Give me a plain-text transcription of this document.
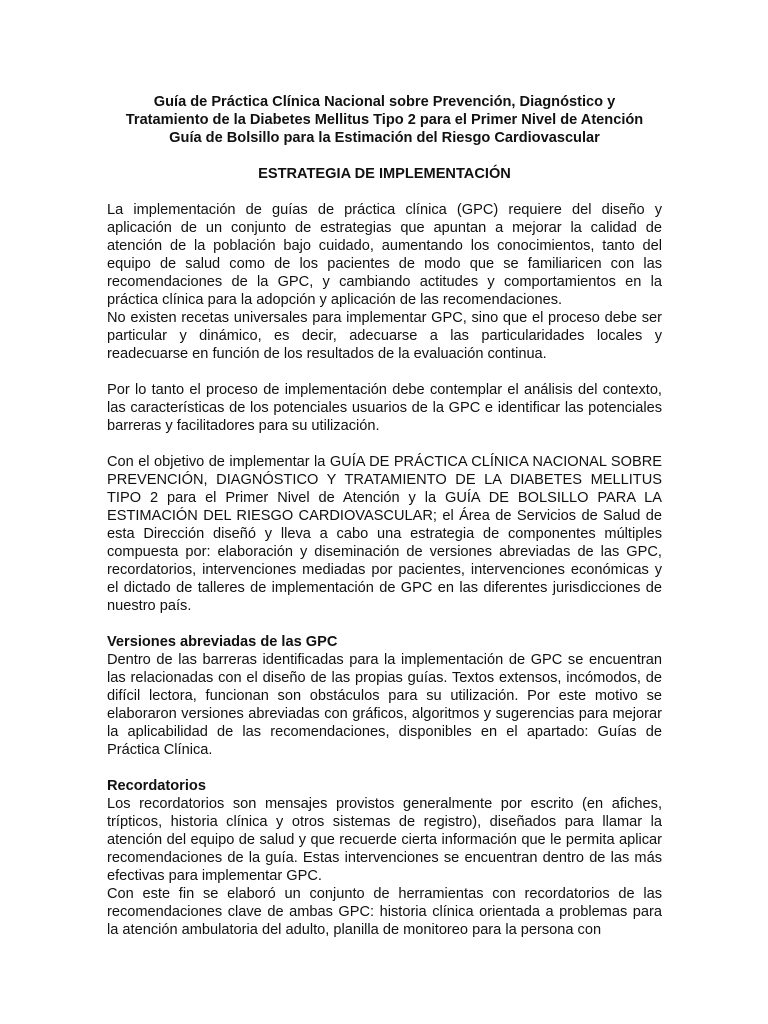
Guía de Práctica Clínica Nacional sobre Prevención, Diagnóstico y
Tratamiento de la Diabetes Mellitus Tipo 2 para el Primer Nivel de Atención
Guía de Bolsillo para la Estimación del Riesgo Cardiovascular
ESTRATEGIA DE IMPLEMENTACIÓN

La implementación de guías de práctica clínica (GPC) requiere del diseño y aplicación de un conjunto de estrategias que apuntan a mejorar la calidad de atención de la población bajo cuidado, aumentando los conocimientos, tanto del equipo de salud como de los pacientes de modo que se familiaricen con las recomendaciones de la GPC, y cambiando actitudes y comportamientos en la práctica clínica para la adopción y aplicación de las recomendaciones.

No existen recetas universales para implementar GPC, sino que el proceso debe ser particular y dinámico, es decir, adecuarse a las particularidades locales y readecuarse en función de los resultados de la evaluación continua.

Por lo tanto el proceso de implementación debe contemplar el análisis del contexto, las características de los potenciales usuarios de la GPC e identificar las potenciales barreras y facilitadores para su utilización.

Con el objetivo de implementar la GUÍA DE PRÁCTICA CLÍNICA NACIONAL SOBRE PREVENCIÓN, DIAGNÓSTICO Y TRATAMIENTO DE LA DIABETES MELLITUS TIPO 2 para el Primer Nivel de Atención y la GUÍA DE BOLSILLO PARA LA ESTIMACIÓN DEL RIESGO CARDIOVASCULAR; el Área de Servicios de Salud de esta Dirección diseñó y lleva a cabo una estrategia de componentes múltiples compuesta por: elaboración y diseminación de versiones abreviadas de las GPC, recordatorios, intervenciones mediadas por pacientes, intervenciones económicas y el dictado de talleres de implementación de GPC en las diferentes jurisdicciones de nuestro país.

Versiones abreviadas de las GPC

Dentro de las barreras identificadas para la implementación de GPC se encuentran las relacionadas con el diseño de las propias guías. Textos extensos, incómodos, de difícil lectora, funcionan son obstáculos para su utilización. Por este motivo se elaboraron versiones abreviadas con gráficos, algoritmos y sugerencias para mejorar la aplicabilidad de las recomendaciones, disponibles en el apartado: Guías de Práctica Clínica.

Recordatorios

Los recordatorios son mensajes provistos generalmente por escrito (en afiches, trípticos, historia clínica y otros sistemas de registro), diseñados para llamar la atención del equipo de salud y que recuerde cierta información que le permita aplicar recomendaciones de la guía. Estas intervenciones se encuentran dentro de las más efectivas para implementar GPC.

Con este fin se elaboró un conjunto de herramientas con recordatorios de las recomendaciones clave de ambas GPC: historia clínica orientada a problemas para la atención ambulatoria del adulto, planilla de monitoreo para la persona con
